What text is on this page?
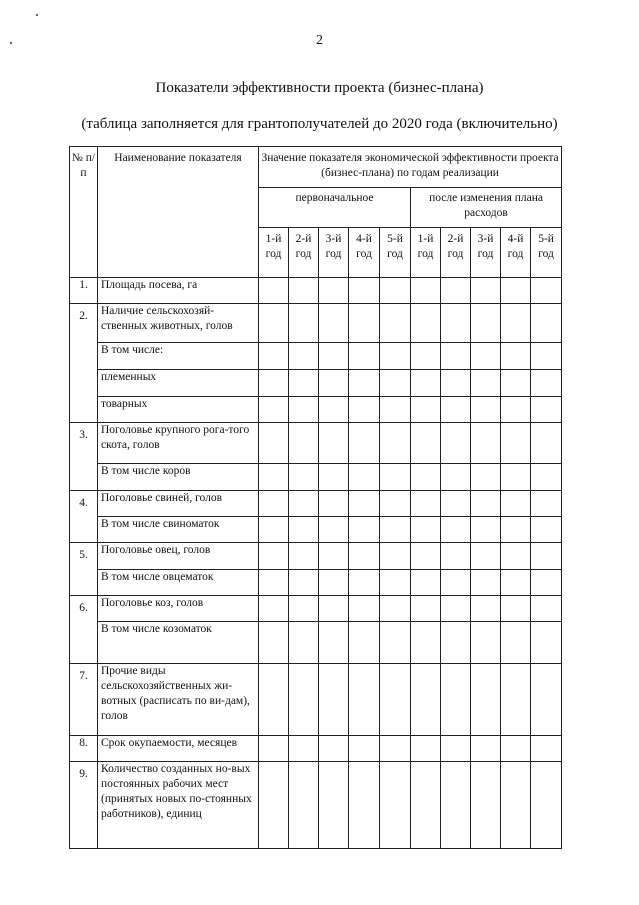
2
Показатели эффективности проекта (бизнес-плана)
(таблица заполняется для грантополучателей до 2020 года (включительно)
№ п/п	Наименование показателя	Значение показателя экономической эффективности проекта (бизнес-плана) по годам реализации									
		первоначальное					после изменения плана расходов				
		1-й год	2-й год	3-й год	4-й год	5-й год	1-й год	2-й год	3-й год	4-й год	5-й год
1.	Площадь посева, га										
2.	Наличие сельскохозяй-ственных животных, голов										
	В том числе:										
	племенных										
	товарных										
3.	Поголовье крупного рога-того скота, голов										
	В том числе коров										
4.	Поголовье свиней, голов										
	В том числе свиноматок										
5.	Поголовье овец, голов										
	В том числе овцематок										
6.	Поголовье коз, голов										
	В том числе козоматок										
7.	Прочие виды сельскохозяйственных жи-вотных (расписать по ви-дам), голов										
8.	Срок окупаемости, месяцев										
9.	Количество созданных но-вых постоянных рабочих мест (принятых новых по-стоянных работников), единиц										
